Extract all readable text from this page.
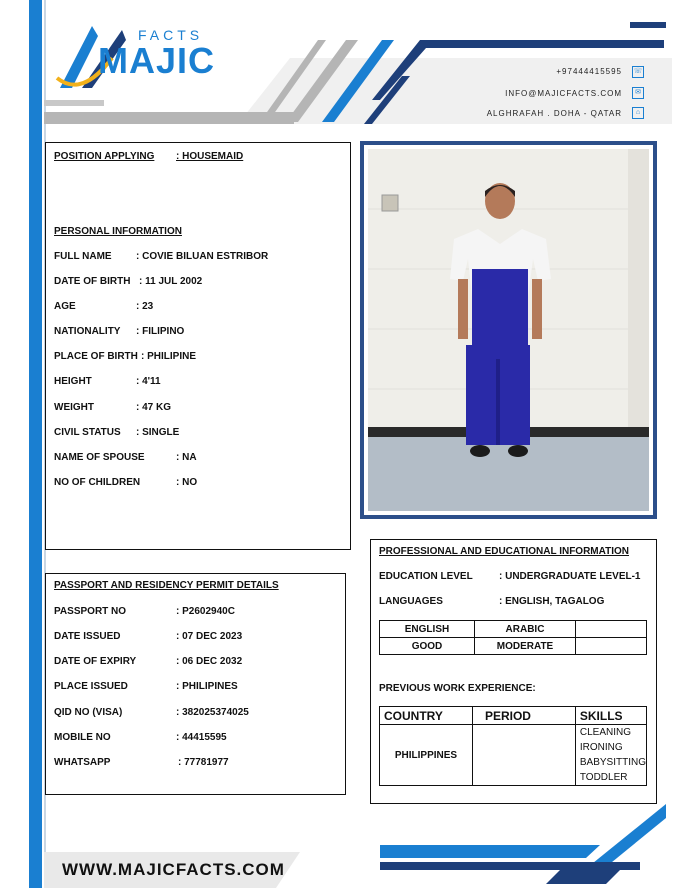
FACTS
MAJIC	+97444415595 ☏
INFO@MAJICFACTS.COM	✉
ALGHRAFAH . DOHA - QATAR	⌂
POSITION APPLYING : HOUSEMAID
PERSONAL INFORMATION
FULL NAME : COVIE BILUAN ESTRIBOR
DATE OF BIRTH : 11 JUL 2002
AGE	: 23
NATIONALITY : FILIPINO
PLACE OF BIRTH : PHILIPINE
HEIGHT	: 4'11
WEIGHT	: 47 KG
CIVIL STATUS : SINGLE
NAME OF SPOUSE	: NA
NO OF CHILDREN	: NO
PASSPORT AND RESIDENCY PERMIT DETAILS
PASSPORT NO	: P2602940C
DATE ISSUED	: 07 DEC 2023
DATE OF EXPIRY	: 06 DEC 2032
PLACE ISSUED	: PHILIPINES
QID NO (VISA)	: 382025374025
MOBILE NO	: 44415595
WHATSAPP	: 77781977
PROFESSIONAL AND EDUCATIONAL INFORMATION
EDUCATION LEVEL	: UNDERGRADUATE LEVEL-1
LANGUAGES	: ENGLISH, TAGALOG
ENGLISH	ARABIC	
GOOD	MODERATE	
PREVIOUS WORK EXPERIENCE:
COUNTRY	PERIOD	SKILLS
PHILIPPINES		CLEANING
IRONING
BABYSITTING
TODDLER
WWW.MAJICFACTS.COM
